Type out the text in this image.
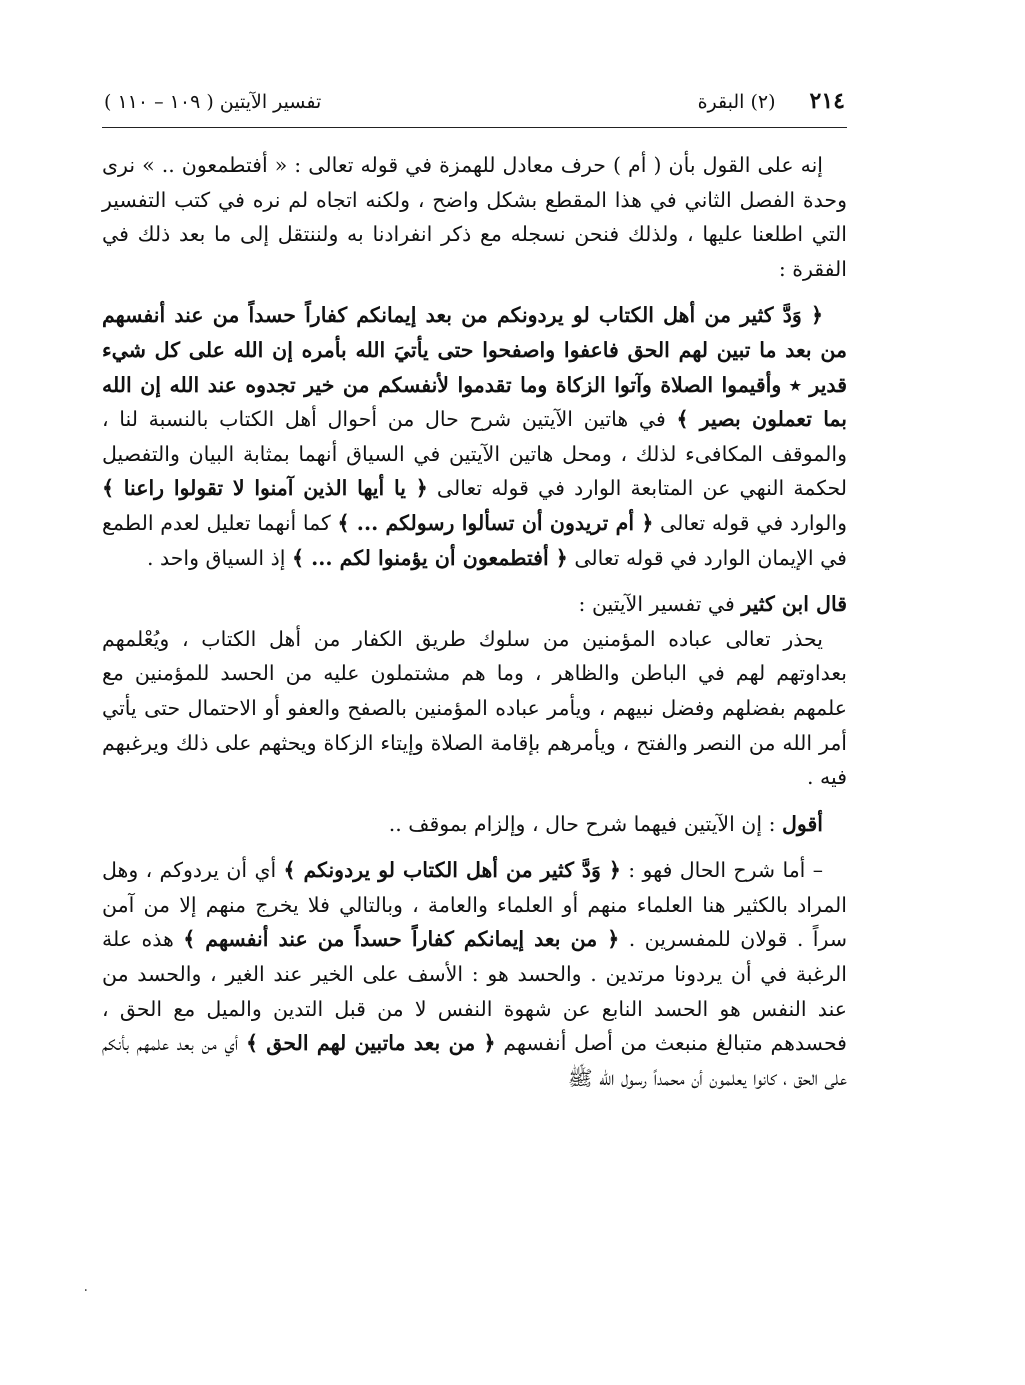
٢١٤
(٢) البقرة
تفسير الآيتين ( ١٠٩ – ١١٠ )

إنه على القول بأن ( أم ) حرف معادل للهمزة في قوله تعالى : « أفتطمعون .. » نرى وحدة الفصل الثاني في هذا المقطع بشكل واضح ، ولكنه اتجاه لم نره في كتب التفسير التي اطلعنا عليها ، ولذلك فنحن نسجله مع ذكر انفرادنا به ولننتقل إلى ما بعد ذلك في الفقرة :

﴿ وَدَّ كثير من أهل الكتاب لو يردونكم من بعد إيمانكم كفاراً حسداً من عند أنفسهم من بعد ما تبين لهم الحق فاعفوا واصفحوا حتى يأتيَ الله بأمره إن الله على كل شيء قدير ٭ وأقيموا الصلاة وآتوا الزكاة وما تقدموا لأنفسكم من خير تجدوه عند الله إن الله بما تعملون بصير ﴾ في هاتين الآيتين شرح حال من أحوال أهل الكتاب بالنسبة لنا ، والموقف المكافىء لذلك ، ومحل هاتين الآيتين في السياق أنهما بمثابة البيان والتفصيل لحكمة النهي عن المتابعة الوارد في قوله تعالى ﴿ يا أيها الذين آمنوا لا تقولوا راعنا ﴾ والوارد في قوله تعالى ﴿ أم تريدون أن تسألوا رسولكم ... ﴾ كما أنهما تعليل لعدم الطمع في الإيمان الوارد في قوله تعالى ﴿ أفتطمعون أن يؤمنوا لكم ... ﴾ إذ السياق واحد .

قال ابن كثير في تفسير الآيتين :

يحذر تعالى عباده المؤمنين من سلوك طريق الكفار من أهل الكتاب ، ويُعْلمهم بعداوتهم لهم في الباطن والظاهر ، وما هم مشتملون عليه من الحسد للمؤمنين مع علمهم بفضلهم وفضل نبيهم ، ويأمر عباده المؤمنين بالصفح والعفو أو الاحتمال حتى يأتي أمر الله من النصر والفتح ، ويأمرهم بإقامة الصلاة وإيتاء الزكاة ويحثهم على ذلك ويرغبهم فيه .

أقول : إن الآيتين فيهما شرح حال ، وإلزام بموقف ..

– أما شرح الحال فهو : ﴿ وَدَّ كثير من أهل الكتاب لو يردونكم ﴾ أي أن يردوكم ، وهل المراد بالكثير هنا العلماء منهم أو العلماء والعامة ، وبالتالي فلا يخرج منهم إلا من آمن سراً . قولان للمفسرين . ﴿ من بعد إيمانكم كفاراً حسداً من عند أنفسهم ﴾ هذه علة الرغبة في أن يردونا مرتدين . والحسد هو : الأسف على الخير عند الغير ، والحسد من عند النفس هو الحسد النابع عن شهوة النفس لا من قبل التدين والميل مع الحق ، فحسدهم متبالغ منبعث من أصل أنفسهم ﴿ من بعد ماتبين لهم الحق ﴾ أي من بعد علمهم بأنكم على الحق ، كانوا يعلمون أن محمداً رسول الله ﷺ

٠
